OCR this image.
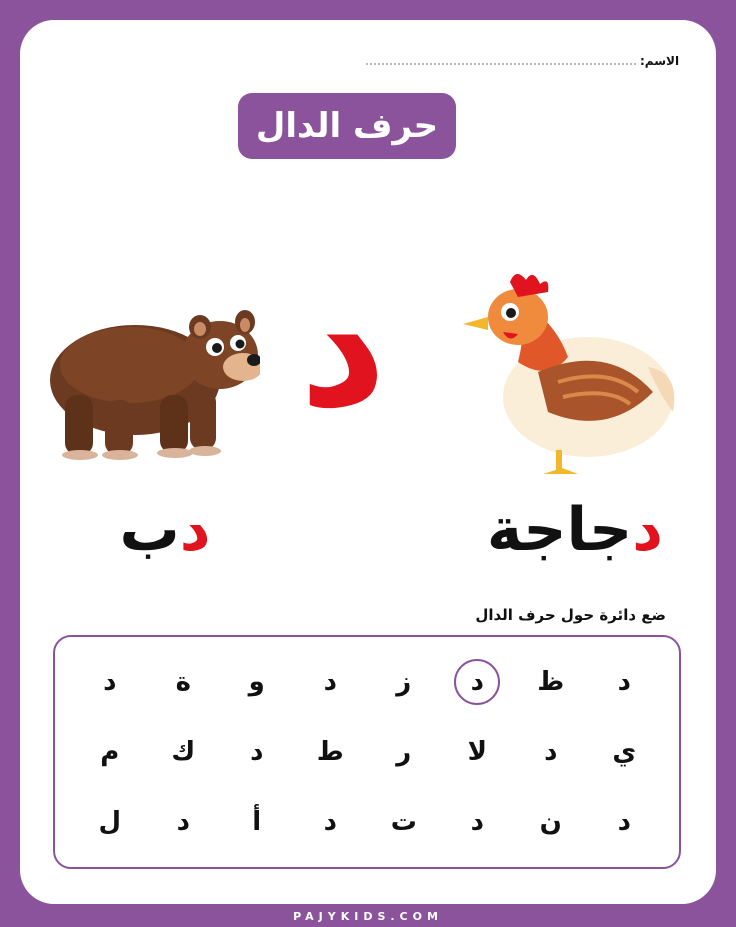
الاسم:
حرف الدال
د
دب	دجاجة
ضع دائرة حول حرف الدال
د
ظ
د
ز
د
و
ة
د
ي
د
لا
ر
ط
د
ك
م
د
ن
د
ت
د
أ
د
ل
PAJYKIDS.COM
